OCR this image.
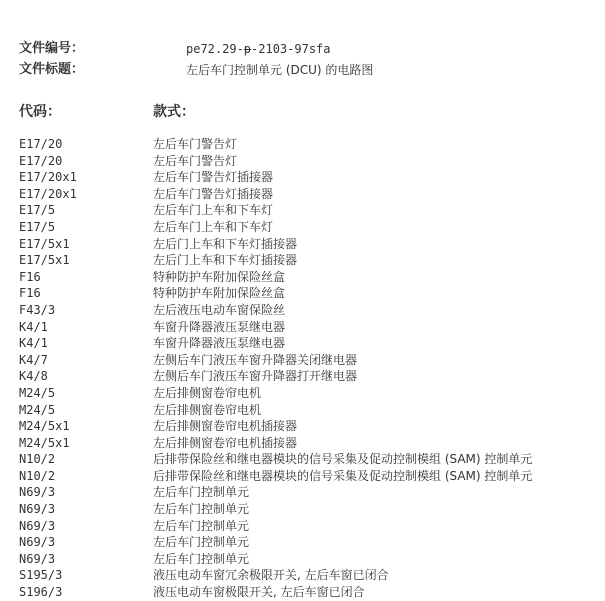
文件编号：	pe72.29-p-2103-97sfa
文件标题：	左后车门控制单元 (DCU) 的电路图
代码：	款式：
E17/20	左后车门警告灯
E17/20	左后车门警告灯
E17/20x1	左后车门警告灯插接器
E17/20x1	左后车门警告灯插接器
E17/5	左后车门上车和下车灯
E17/5	左后车门上车和下车灯
E17/5x1	左后门上车和下车灯插接器
E17/5x1	左后门上车和下车灯插接器
F16	特种防护车附加保险丝盒
F16	特种防护车附加保险丝盒
F43/3	左后液压电动车窗保险丝
K4/1	车窗升降器液压泵继电器
K4/1	车窗升降器液压泵继电器
K4/7	左侧后车门液压车窗升降器关闭继电器
K4/8	左侧后车门液压车窗升降器打开继电器
M24/5	左后排侧窗卷帘电机
M24/5	左后排侧窗卷帘电机
M24/5x1	左后排侧窗卷帘电机插接器
M24/5x1	左后排侧窗卷帘电机插接器
N10/2	后排带保险丝和继电器模块的信号采集及促动控制模组 (SAM) 控制单元
N10/2	后排带保险丝和继电器模块的信号采集及促动控制模组 (SAM) 控制单元
N69/3	左后车门控制单元
N69/3	左后车门控制单元
N69/3	左后车门控制单元
N69/3	左后车门控制单元
N69/3	左后车门控制单元
S195/3	液压电动车窗冗余极限开关, 左后车窗已闭合
S196/3	液压电动车窗极限开关, 左后车窗已闭合
